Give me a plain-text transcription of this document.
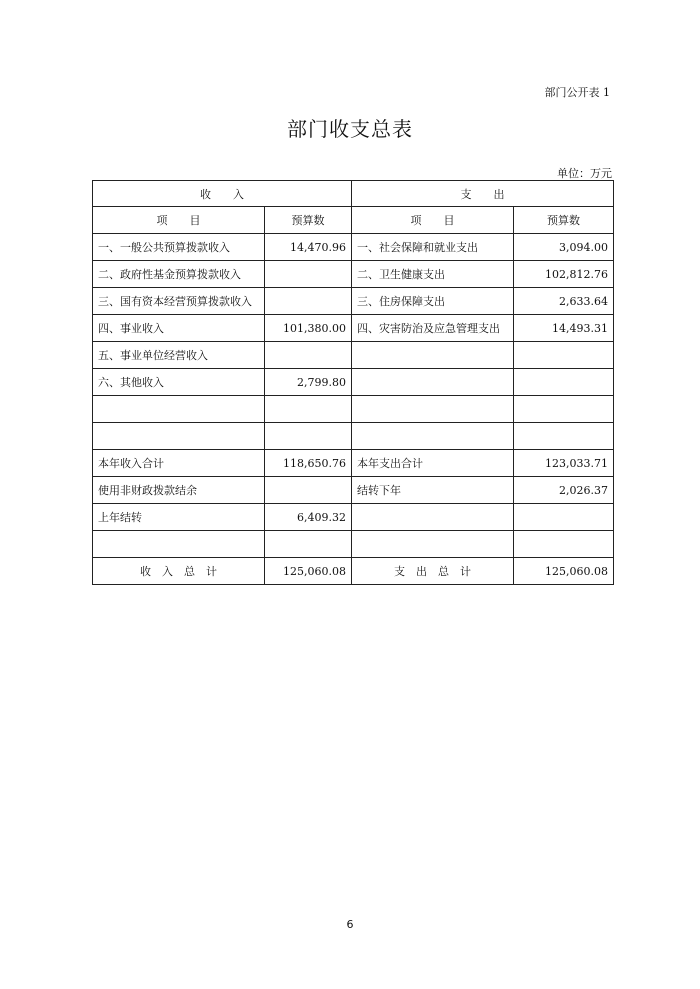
部门公开表 1
部门收支总表
单位：万元
收　　入		支　　出	
项　　目	预算数	项　　目	预算数
一、一般公共预算拨款收入	14,470.96	一、社会保障和就业支出	3,094.00
二、政府性基金预算拨款收入		二、卫生健康支出	102,812.76
三、国有资本经营预算拨款收入		三、住房保障支出	2,633.64
四、事业收入	101,380.00	四、灾害防治及应急管理支出	14,493.31
五、事业单位经营收入			
六、其他收入	2,799.80		

本年收入合计	118,650.76	本年支出合计	123,033.71
使用非财政拨款结余		结转下年	2,026.37
上年结转	6,409.32		

收　入　总　计	125,060.08	支　出　总　计	125,060.08
6
